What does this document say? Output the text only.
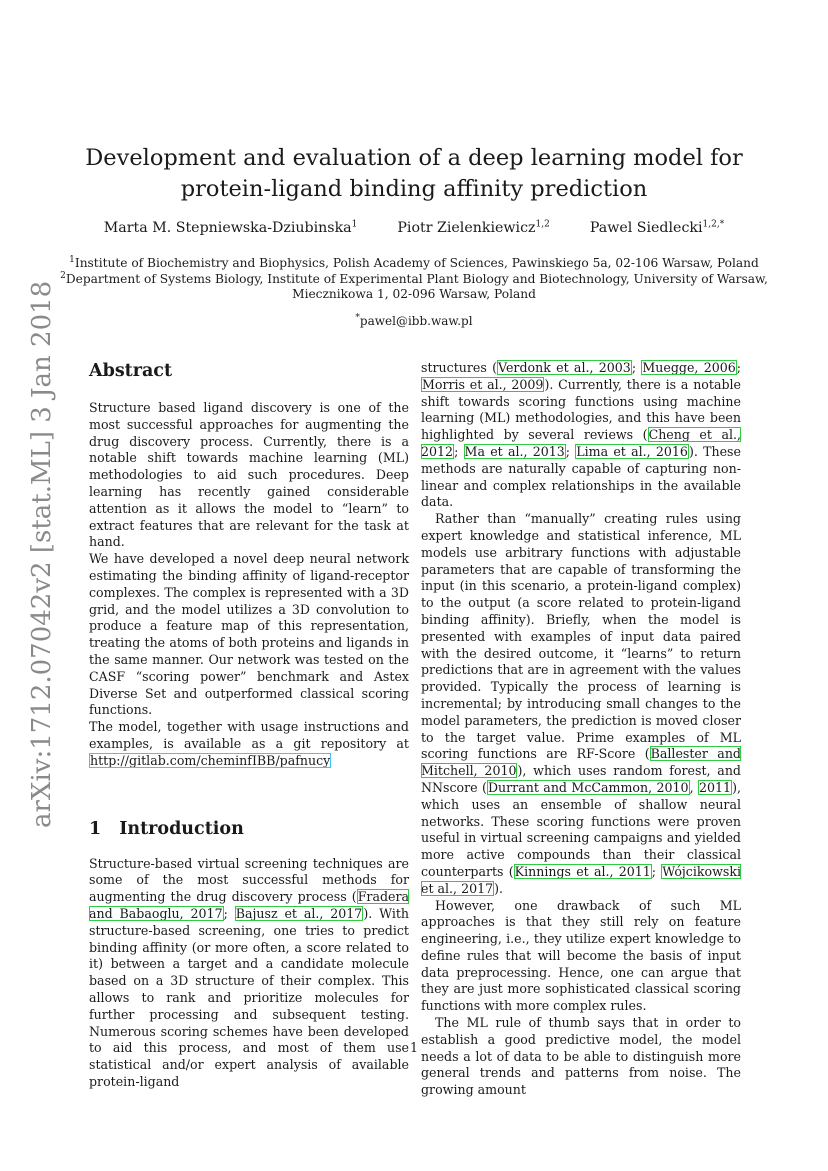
arXiv:1712.07042v2 [stat.ML] 3 Jan 2018
Development and evaluation of a deep learning model for
protein-ligand binding affinity prediction
Marta M. Stepniewska-Dziubinska$^1$	Piotr Zielenkiewicz$^{1,2}$	Pawel Siedlecki$^{1,2,*}$
$^1$Institute of Biochemistry and Biophysics, Polish Academy of Sciences, Pawinskiego 5a, 02-106 Warsaw, Poland
$^2$Department of Systems Biology, Institute of Experimental Plant Biology and Biotechnology, University of Warsaw,
Miecznikowa 1, 02-096 Warsaw, Poland
*pawel@ibb.waw.pl
Abstract

Structure based ligand discovery is one of the most successful approaches for augmenting the drug discovery process. Currently, there is a notable shift towards machine learning (ML) methodologies to aid such procedures. Deep learning has recently gained considerable attention as it allows the model to “learn” to extract features that are relevant for the task at hand.

We have developed a novel deep neural network estimating the binding affinity of ligand-receptor complexes. The complex is represented with a 3D grid, and the model utilizes a 3D convolution to produce a feature map of this representation, treating the atoms of both proteins and ligands in the same manner. Our network was tested on the CASF “scoring power” benchmark and Astex Diverse Set and outperformed classical scoring functions.

The model, together with usage instructions and examples, is available as a git repository at http://gitlab.com/cheminfIBB/pafnucy

1 Introduction

Structure-based virtual screening techniques are some of the most successful methods for augmenting the drug discovery process (Fradera and Babaoglu, 2017; Bajusz et al., 2017). With structure-based screening, one tries to predict binding affinity (or more often, a score related to it) between a target and a candidate molecule based on a 3D structure of their complex. This allows to rank and prioritize molecules for further processing and subsequent testing. Numerous scoring schemes have been developed to aid this process, and most of them use statistical and/or expert analysis of available protein-ligand

structures (Verdonk et al., 2003; Muegge, 2006; Morris et al., 2009). Currently, there is a notable shift towards scoring functions using machine learning (ML) methodologies, and this have been highlighted by several reviews (Cheng et al., 2012; Ma et al., 2013; Lima et al., 2016). These methods are naturally capable of capturing non-linear and complex relationships in the available data.

Rather than “manually” creating rules using expert knowledge and statistical inference, ML models use arbitrary functions with adjustable parameters that are capable of transforming the input (in this scenario, a protein-ligand complex) to the output (a score related to protein-ligand binding affinity). Briefly, when the model is presented with examples of input data paired with the desired outcome, it “learns” to return predictions that are in agreement with the values provided. Typically the process of learning is incremental; by introducing small changes to the model parameters, the prediction is moved closer to the target value. Prime examples of ML scoring functions are RF-Score (Ballester and Mitchell, 2010), which uses random forest, and NNscore (Durrant and McCammon, 2010, 2011), which uses an ensemble of shallow neural networks. These scoring functions were proven useful in virtual screening campaigns and yielded more active compounds than their classical counterparts (Kinnings et al., 2011; Wójcikowski et al., 2017).

However, one drawback of such ML approaches is that they still rely on feature engineering, i.e., they utilize expert knowledge to define rules that will become the basis of input data preprocessing. Hence, one can argue that they are just more sophisticated classical scoring functions with more complex rules.

The ML rule of thumb says that in order to establish a good predictive model, the model needs a lot of data to be able to distinguish more general trends and patterns from noise. The growing amount

1
